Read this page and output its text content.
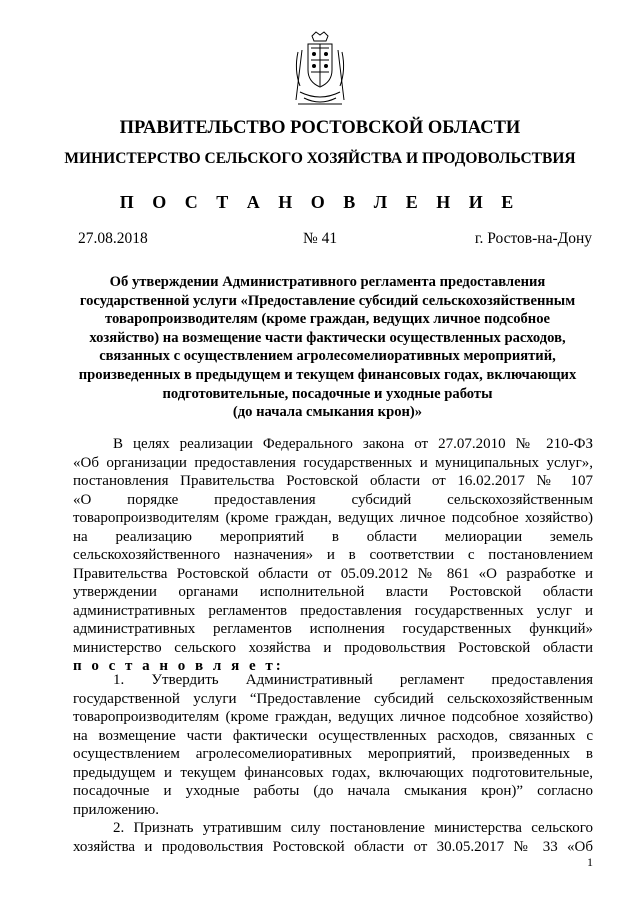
ПРАВИТЕЛЬСТВО РОСТОВСКОЙ ОБЛАСТИ
МИНИСТЕРСТВО СЕЛЬСКОГО ХОЗЯЙСТВА И ПРОДОВОЛЬСТВИЯ
П О С Т А Н О В Л Е Н И Е
27.08.2018	№ 41	г. Ростов-на-Дону
Об утверждении Административного регламента предоставления
государственной услуги «Предоставление субсидий сельскохозяйственным
товаропроизводителям (кроме граждан, ведущих личное подсобное
хозяйство) на возмещение части фактически осуществленных расходов,
связанных с осуществлением агролесомелиоративных мероприятий,
произведенных в предыдущем и текущем финансовых годах, включающих
подготовительные, посадочные и уходные работы
(до начала смыкания крон)»
В целях реализации Федерального закона от 27.07.2010 № 210-ФЗ
«Об организации предоставления государственных и муниципальных услуг»,
постановления Правительства Ростовской области от 16.02.2017 № 107
«О порядке предоставления субсидий сельскохозяйственным
товаропроизводителям (кроме граждан, ведущих личное подсобное хозяйство)
на реализацию мероприятий в области мелиорации земель
сельскохозяйственного назначения» и в соответствии с постановлением
Правительства Ростовской области от 05.09.2012 № 861 «О разработке и
утверждении органами исполнительной власти Ростовской области
административных регламентов предоставления государственных услуг и
административных регламентов исполнения государственных функций»
министерство сельского хозяйства и продовольствия Ростовской области
п о с т а н о в л я е т:
1. Утвердить Административный регламент предоставления
государственной услуги “Предоставление субсидий сельскохозяйственным
товаропроизводителям (кроме граждан, ведущих личное подсобное хозяйство)
на возмещение части фактически осуществленных расходов, связанных с
осуществлением агролесомелиоративных мероприятий, произведенных в
предыдущем и текущем финансовых годах, включающих подготовительные,
посадочные и уходные работы (до начала смыкания крон)” согласно
приложению.
2. Признать утратившим силу постановление министерства сельского
хозяйства и продовольствия Ростовской области от 30.05.2017 № 33 «Об
1
